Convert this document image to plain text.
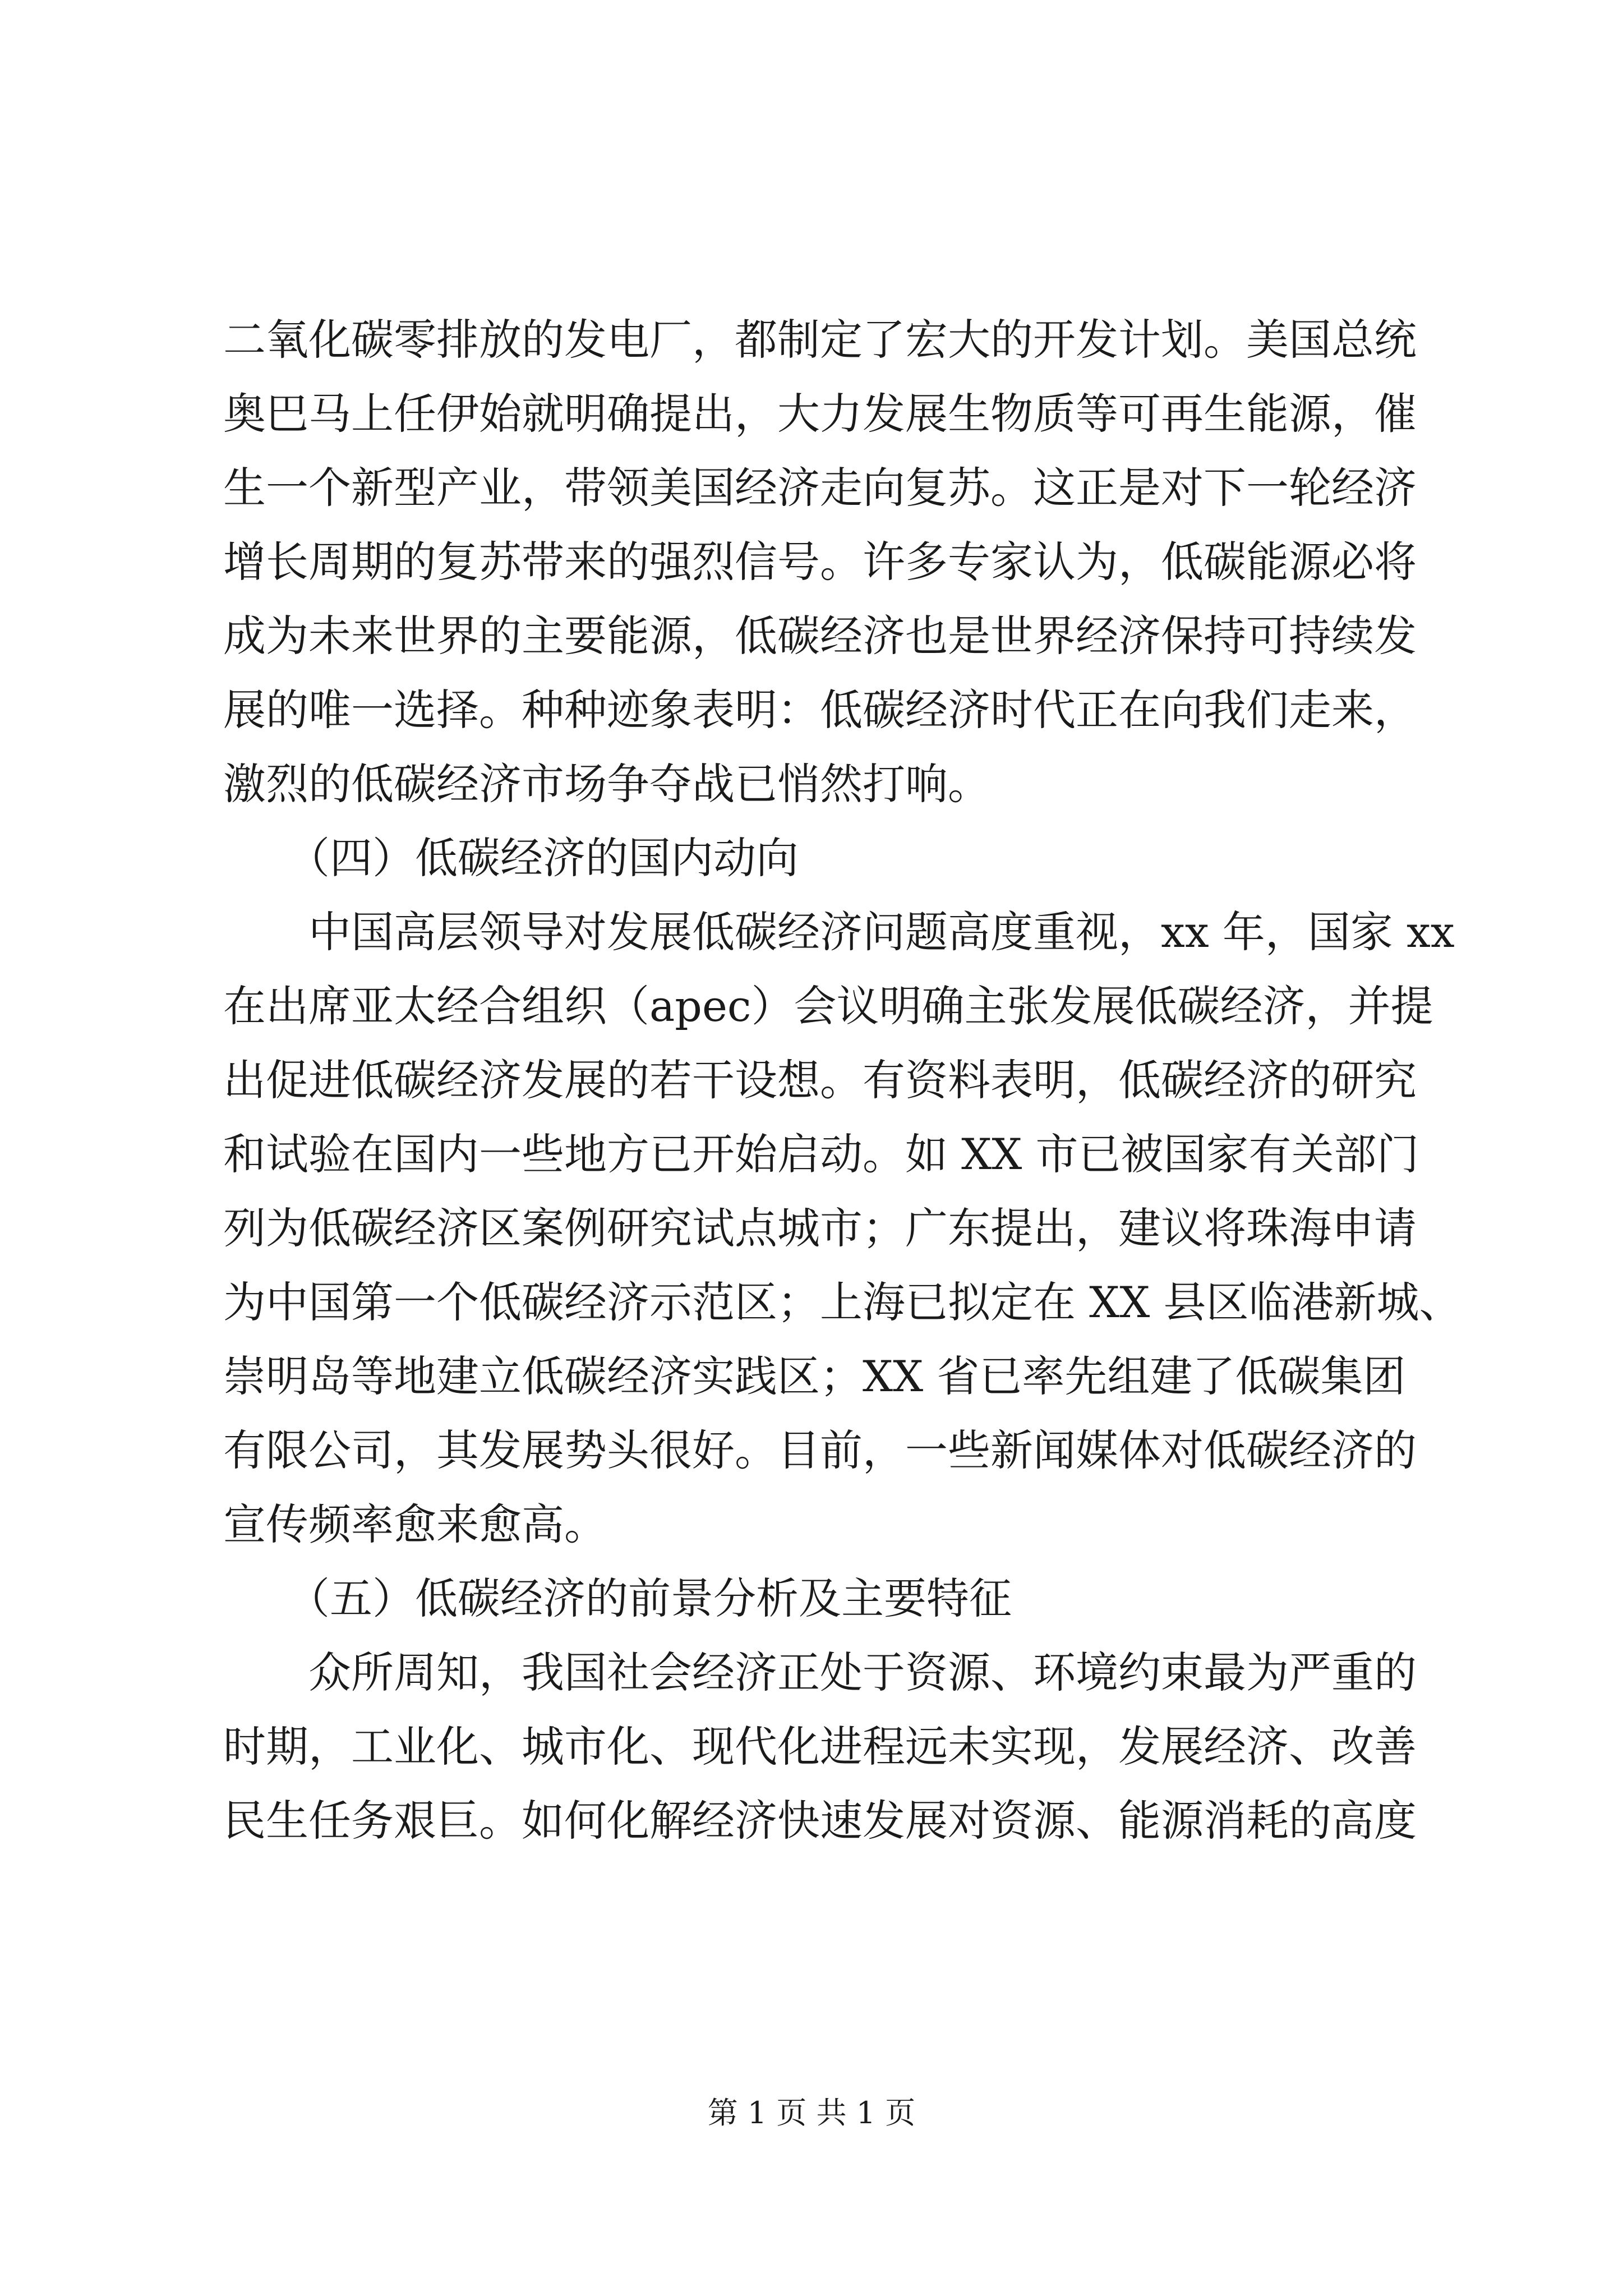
二氧化碳零排放的发电厂，都制定了宏大的开发计划。美国总统
奥巴马上任伊始就明确提出，大力发展生物质等可再生能源，催
生一个新型产业，带领美国经济走向复苏。这正是对下一轮经济
增长周期的复苏带来的强烈信号。许多专家认为，低碳能源必将
成为未来世界的主要能源，低碳经济也是世界经济保持可持续发
展的唯一选择。种种迹象表明：低碳经济时代正在向我们走来，
激烈的低碳经济市场争夺战已悄然打响。
　　（四）低碳经济的国内动向
　　中国高层领导对发展低碳经济问题高度重视，xx 年，国家 xx
在出席亚太经合组织（apec）会议明确主张发展低碳经济，并提
出促进低碳经济发展的若干设想。有资料表明，低碳经济的研究
和试验在国内一些地方已开始启动。如 XX 市已被国家有关部门
列为低碳经济区案例研究试点城市；广东提出，建议将珠海申请
为中国第一个低碳经济示范区；上海已拟定在 XX 县区临港新城、
崇明岛等地建立低碳经济实践区；XX 省已率先组建了低碳集团
有限公司，其发展势头很好。目前，一些新闻媒体对低碳经济的
宣传频率愈来愈高。
　　（五）低碳经济的前景分析及主要特征
　　众所周知，我国社会经济正处于资源、环境约束最为严重的
时期，工业化、城市化、现代化进程远未实现，发展经济、改善
民生任务艰巨。如何化解经济快速发展对资源、能源消耗的高度
第 1 页 共 1 页
